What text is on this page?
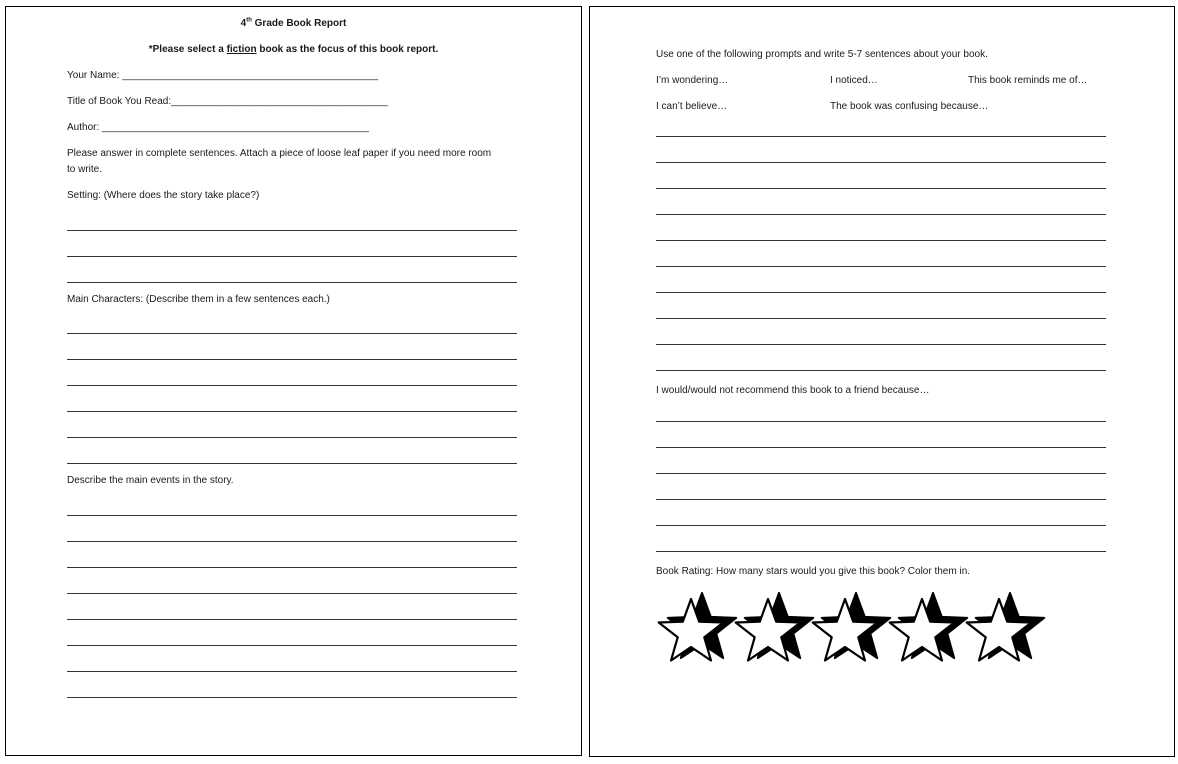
4th Grade Book Report
*Please select a fiction book as the focus of this book report.
Your Name: ______________________________________________
Title of Book You Read:_______________________________________
Author: ________________________________________________
Please answer in complete sentences. Attach a piece of loose leaf paper if you need more room
to write.
Setting: (Where does the story take place?)
Main Characters: (Describe them in a few sentences each.)
Describe the main events in the story.
Use one of the following prompts and write 5-7 sentences about your book.
I’m wondering…	I noticed…	This book reminds me of…
I can’t believe…	The book was confusing because…
I would/would not recommend this book to a friend because…
Book Rating: How many stars would you give this book? Color them in.
